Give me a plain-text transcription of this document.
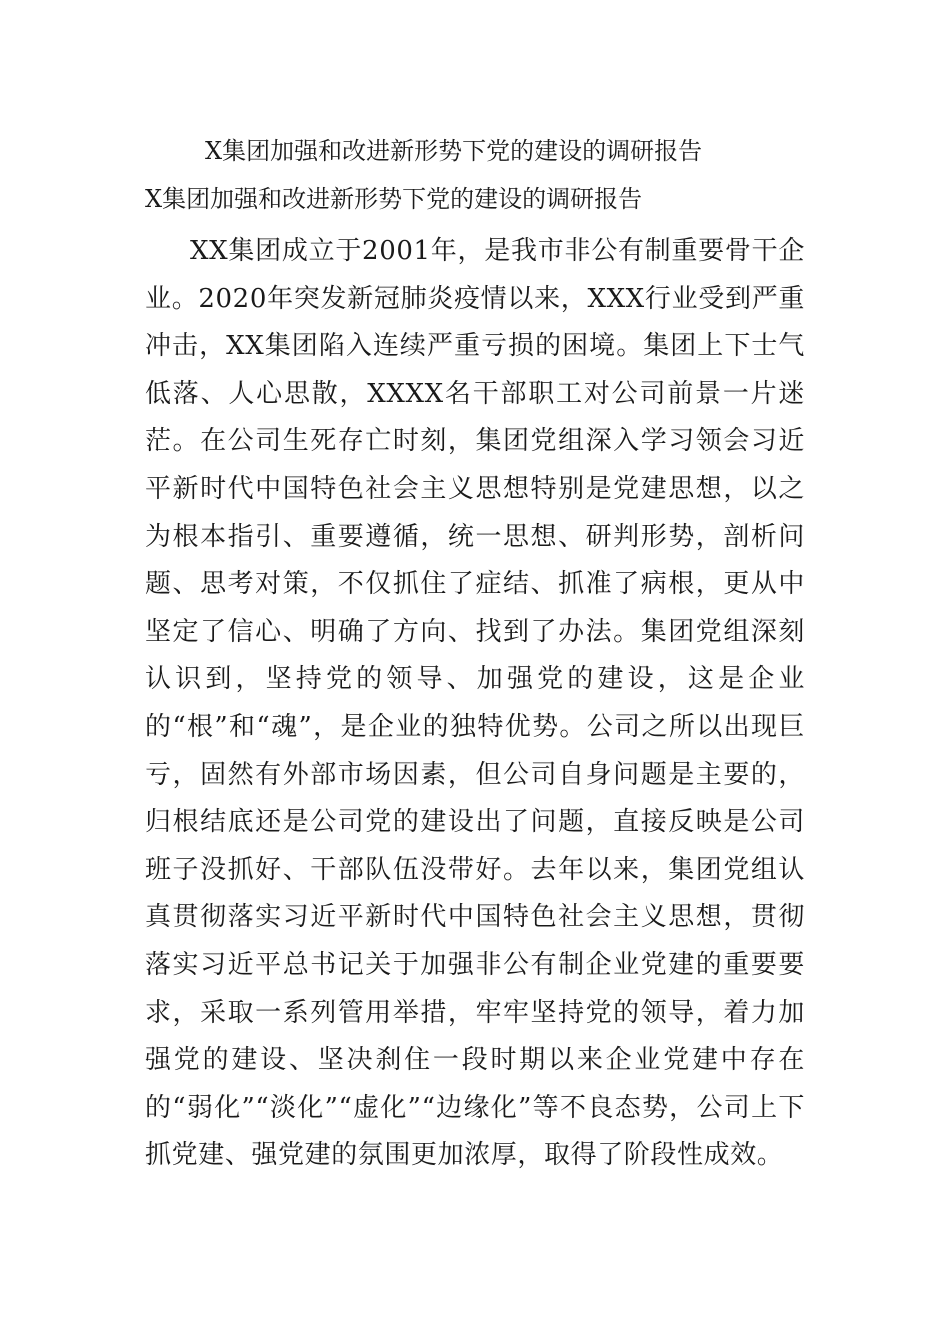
X集团加强和改进新形势下党的建设的调研报告
X集团加强和改进新形势下党的建设的调研报告

XX集团成立于2001年，是我市非公有制重要骨干企业。2020年突发新冠肺炎疫情以来，XXX行业受到严重冲击，XX集团陷入连续严重亏损的困境。集团上下士气低落、人心思散，XXXX名干部职工对公司前景一片迷茫。在公司生死存亡时刻，集团党组深入学习领会习近平新时代中国特色社会主义思想特别是党建思想，以之为根本指引、重要遵循，统一思想、研判形势，剖析问题、思考对策，不仅抓住了症结、抓准了病根，更从中坚定了信心、明确了方向、找到了办法。集团党组深刻认识到，坚持党的领导、加强党的建设，这是企业的“根”和“魂”，是企业的独特优势。公司之所以出现巨亏，固然有外部市场因素，但公司自身问题是主要的，归根结底还是公司党的建设出了问题，直接反映是公司班子没抓好、干部队伍没带好。去年以来，集团党组认真贯彻落实习近平新时代中国特色社会主义思想，贯彻落实习近平总书记关于加强非公有制企业党建的重要要求，采取一系列管用举措，牢牢坚持党的领导，着力加强党的建设、坚决刹住一段时期以来企业党建中存在的“弱化”“淡化”“虚化”“边缘化”等不良态势，公司上下抓党建、强党建的氛围更加浓厚，取得了阶段性成效。
